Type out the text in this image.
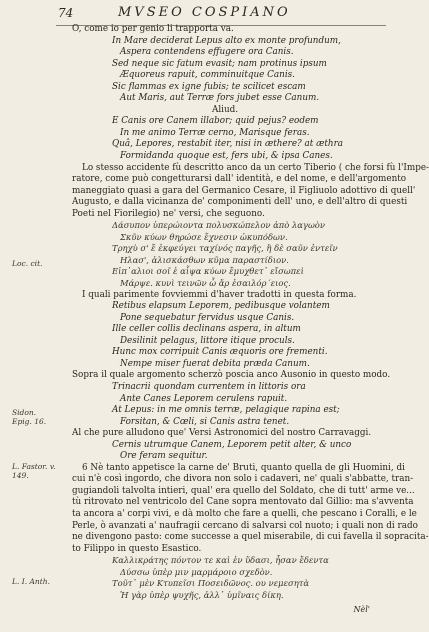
74	MVSEO COSPIANO
Loc. cit.
Sidon. Epig. 16.
L. Fastor. v. 149.
L. I. Anth.
O, come io per genio li trapporta va.
In Mare deciderat Lepus alto ex monte profundum,
Aspera contendens effugere ora Canis.
Sed neque sic fatum evasit; nam protinus ipsum
Æquoreus rapuit, comminuitque Canis.
Sic flammas ex igne fubis; te scilicet escam
Aut Maris, aut Terræ fors jubet esse Canum.
Aliud.
E Canis ore Canem illabor; quid pejus? eodem
In me animo Terræ cerno, Marisque feras.
Quâ, Lepores, restabit iter, nisi in æthere? at æthra
Formidanda quoque est, fers ubi, & ipsa Canes.
Lo stesso accidente fù descritto anco da un certo Tiberio ( che forsi fù l'Impe-
ratore, come può congetturarsi dall' identità, e del nome, e dell'argomento
maneggiato quasi a gara del Germanico Cesare, il Figliuolo adottivo di quell'
Augusto, e dalla vicinanza de' componimenti dell' uno, e dell'altro di questi
Poeti nel Fiorilegio) ne' versi, che seguono.
Δάσυπον ὑπερώιοντα πολυσκώπελον ἀπὸ λαγωὸν
Σκῦν κύων θηρώσε ἔχνεσιν ὠκυπόδων.
Τρηχὺ σ' ἔ ἐκφεύγει ταχίνός παγῆς, ἢ δὲ σαῦν ἐντεῖν
Ηλασ', ἁλισκάσθων κῦμα παραστίδιον.
Εἰπ᾿αλιοι σοῖ ἐ αἶψα κύων ἔμυχθετ᾿ εἴσωπεὶ
Μάρψε. κυνὶ τεινῶν ὦ ἄρ ἐσαιλόρ΄ειος.
I quali parimente fovviemmi d'haver tradotti in questa forma.
Retibus elapsum Leporem, pedibusque volantem
Pone sequebatur fervidus usque Canis.
Ille celler collis declinans aspera, in altum
Desilinit pelagus, littore itique proculs.
Hunc mox corripuit Canis æquoris ore frementi.
Nempe miser fuerat debita præda Canum.
Sopra il quale argomento scherzò poscia anco Ausonio in questo modo.
Trinacrii quondam currentem in littoris ora
Ante Canes Leporem cerulens rapuit.
At Lepus: in me omnis terræ, pelagique rapina est;
Forsitan, & Cœli, si Canis astra tenet.
Al che pure alludono que' Versi Astronomici del nostro Carravaggi.
Cernis utrumque Canem, Leporem petit alter, & unco
Ore feram sequitur.
6 Nè tanto appetisce la carne de' Bruti, quanto quella de gli Huomini, di
cui n'è così ingordo, che divora non solo i cadaveri, ne' quali s'abbatte, tran-
gugiandoli talvolta intieri, qual' era quello del Soldato, che di tutt' arme ve...
tù ritrovato nel ventricolo del Cane sopra mentovato dal Gillio: ma s'avventa
ta ancora a' corpi vivi, e dà molto che fare a quelli, che pescano i Coralli, e le
Perle, ò avanzati a' naufragii cercano di salvarsi col nuoto; i quali non di rado
ne divengono pasto: come successe a quel miserabile, di cui favella il sopracita-
to Filippo in questo Esastico.
Καλλικράτης πόντον τε καὶ ἐν ὕδασι, ἦσαν ἔδεντα
Δύσσω ὑπὲρ μιν μαρμάροιο σχεδὸν.
Τοῦτ᾽ μὲν Κτυπεῖσι Ποσειδῶνος. ου νεμεσητὰ
Ἠ γὰρ ὑπὲρ ψυχῆς, ἀλλ᾿ ὑμῖναις δίκη.
Nèl'
